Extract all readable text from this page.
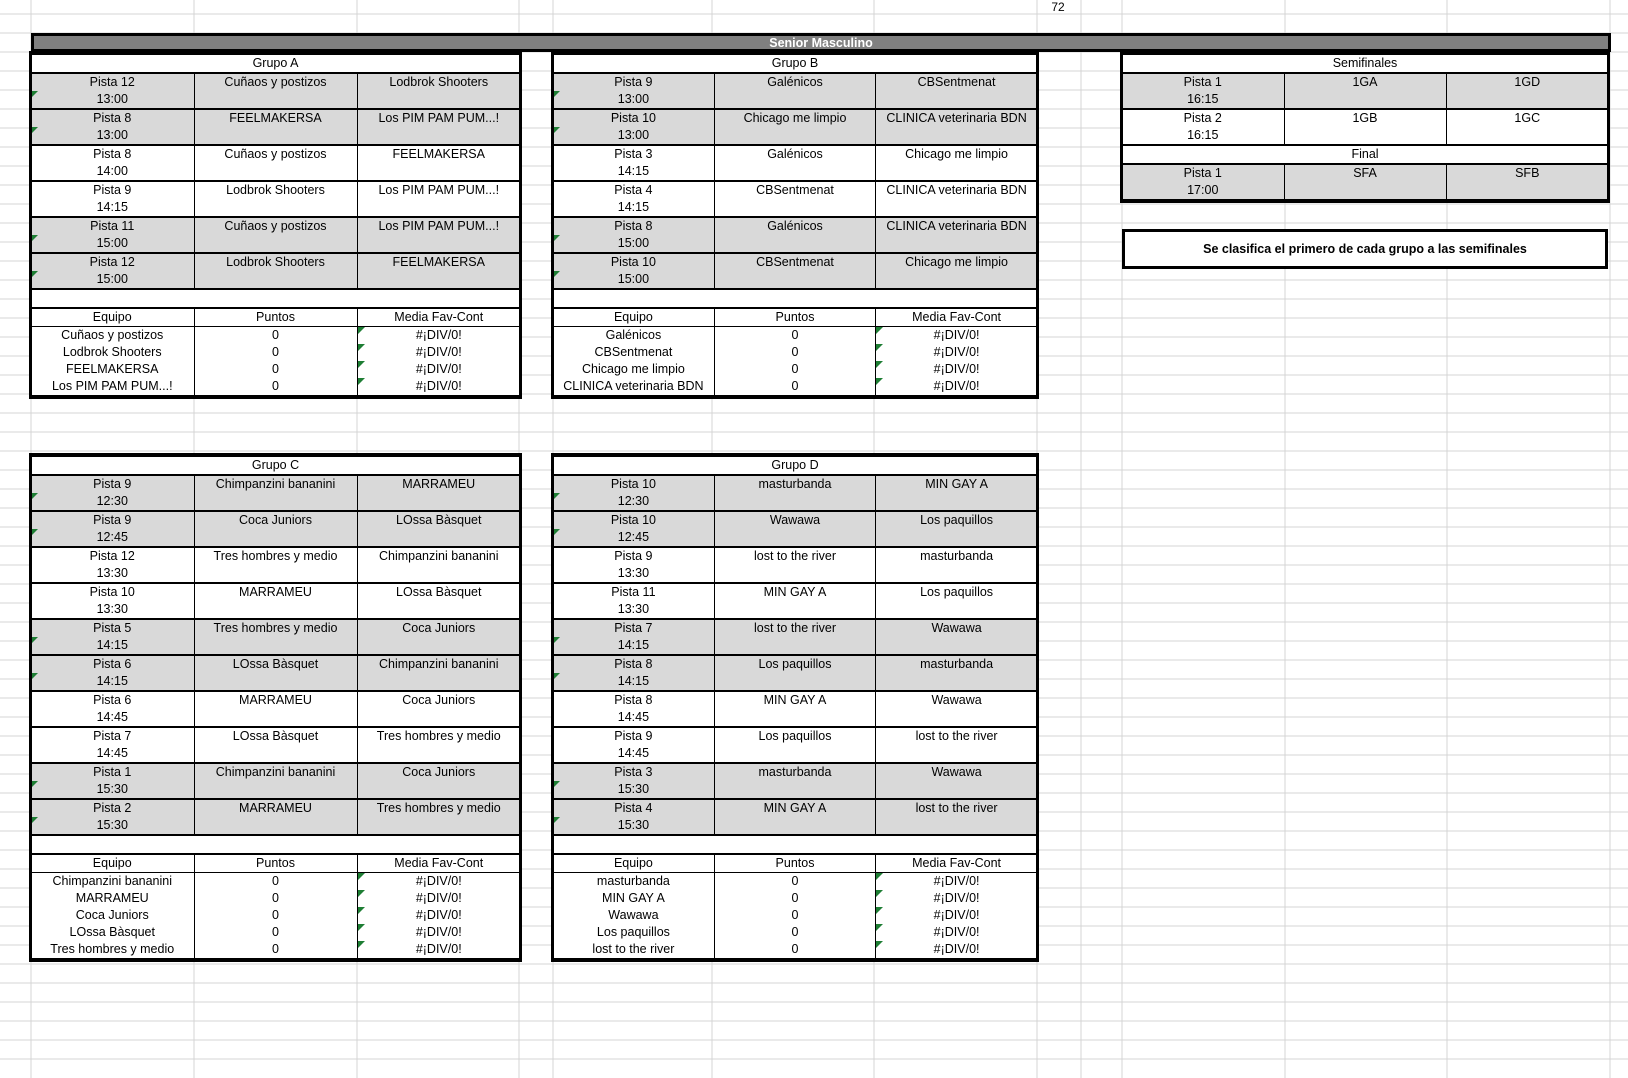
72
Senior Masculino
Grupo A		
Pista 12	Cuñaos y postizos	Lodbrok Shooters
13:00		
Pista 8	FEELMAKERSA	Los PIM PAM PUM...!
13:00		
Pista 8	Cuñaos y postizos	FEELMAKERSA
14:00		
Pista 9	Lodbrok Shooters	Los PIM PAM PUM...!
14:15		
Pista 11	Cuñaos y postizos	Los PIM PAM PUM...!
15:00		
Pista 12	Lodbrok Shooters	FEELMAKERSA
15:00		

Equipo	Puntos	Media Fav-Cont
Cuñaos y postizos	0	#¡DIV/0!
Lodbrok Shooters	0	#¡DIV/0!
FEELMAKERSA	0	#¡DIV/0!
Los PIM PAM PUM...!	0	#¡DIV/0!
Grupo B		
Pista 9	Galénicos	CBSentmenat
13:00		
Pista 10	Chicago me limpio	CLINICA veterinaria BDN
13:00		
Pista 3	Galénicos	Chicago me limpio
14:15		
Pista 4	CBSentmenat	CLINICA veterinaria BDN
14:15		
Pista 8	Galénicos	CLINICA veterinaria BDN
15:00		
Pista 10	CBSentmenat	Chicago me limpio
15:00		

Equipo	Puntos	Media Fav-Cont
Galénicos	0	#¡DIV/0!
CBSentmenat	0	#¡DIV/0!
Chicago me limpio	0	#¡DIV/0!
CLINICA veterinaria BDN	0	#¡DIV/0!
Grupo C		
Pista 9	Chimpanzini bananini	MARRAMEU
12:30		
Pista 9	Coca Juniors	LOssa Bàsquet
12:45		
Pista 12	Tres hombres y medio	Chimpanzini bananini
13:30		
Pista 10	MARRAMEU	LOssa Bàsquet
13:30		
Pista 5	Tres hombres y medio	Coca Juniors
14:15		
Pista 6	LOssa Bàsquet	Chimpanzini bananini
14:15		
Pista 6	MARRAMEU	Coca Juniors
14:45		
Pista 7	LOssa Bàsquet	Tres hombres y medio
14:45		
Pista 1	Chimpanzini bananini	Coca Juniors
15:30		
Pista 2	MARRAMEU	Tres hombres y medio
15:30		

Equipo	Puntos	Media Fav-Cont
Chimpanzini bananini	0	#¡DIV/0!
MARRAMEU	0	#¡DIV/0!
Coca Juniors	0	#¡DIV/0!
LOssa Bàsquet	0	#¡DIV/0!
Tres hombres y medio	0	#¡DIV/0!
Grupo D		
Pista 10	masturbanda	MIN GAY A
12:30		
Pista 10	Wawawa	Los paquillos
12:45		
Pista 9	lost to the river	masturbanda
13:30		
Pista 11	MIN GAY A	Los paquillos
13:30		
Pista 7	lost to the river	Wawawa
14:15		
Pista 8	Los paquillos	masturbanda
14:15		
Pista 8	MIN GAY A	Wawawa
14:45		
Pista 9	Los paquillos	lost to the river
14:45		
Pista 3	masturbanda	Wawawa
15:30		
Pista 4	MIN GAY A	lost to the river
15:30		

Equipo	Puntos	Media Fav-Cont
masturbanda	0	#¡DIV/0!
MIN GAY A	0	#¡DIV/0!
Wawawa	0	#¡DIV/0!
Los paquillos	0	#¡DIV/0!
lost to the river	0	#¡DIV/0!
Semifinales		
Pista 1	1GA	1GD
16:15		
Pista 2	1GB	1GC
16:15		
Final		
Pista 1	SFA	SFB
17:00		
Se clasifica el primero de cada grupo a las semifinales
